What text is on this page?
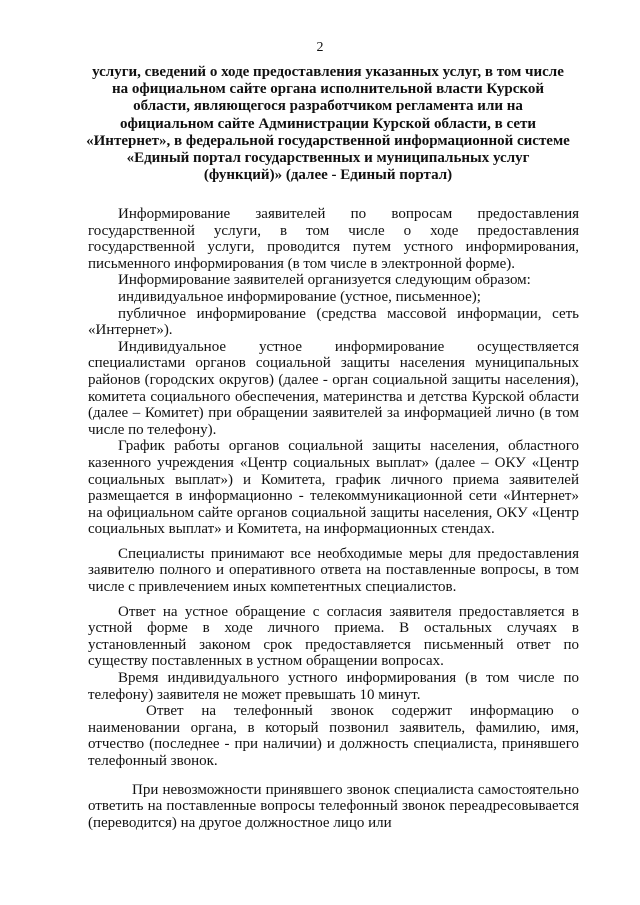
2
услуги, сведений о ходе предоставления указанных услуг, в том числе на официальном сайте органа исполнительной власти Курской области, являющегося разработчиком регламента или на официальном сайте Администрации Курской области, в сети «Интернет», в федеральной государственной информационной системе «Единый портал государственных и муниципальных услуг (функций)» (далее - Единый портал)

Информирование заявителей по вопросам предоставления государственной услуги, в том числе о ходе предоставления государственной услуги, проводится путем устного информирования, письменного информирования (в том числе в электронной форме).

Информирование заявителей организуется следующим образом:

индивидуальное информирование (устное, письменное);

публичное информирование (средства массовой информации, сеть «Интернет»).

Индивидуальное устное информирование осуществляется специалистами органов социальной защиты населения муниципальных районов (городских округов) (далее - орган социальной защиты населения), комитета социального обеспечения, материнства и детства Курской области (далее – Комитет) при обращении заявителей за информацией лично (в том числе по телефону).

График работы органов социальной защиты населения, областного казенного учреждения «Центр социальных выплат» (далее – ОКУ «Центр социальных выплат») и Комитета, график личного приема заявителей размещается в информационно - телекоммуникационной сети «Интернет» на официальном сайте органов социальной защиты населения, ОКУ «Центр социальных выплат» и Комитета, на информационных стендах.

Специалисты принимают все необходимые меры для предоставления заявителю полного и оперативного ответа на поставленные вопросы, в том числе с привлечением иных компетентных специалистов.

Ответ на устное обращение с согласия заявителя предоставляется в устной форме в ходе личного приема. В остальных случаях в установленный законом срок предоставляется письменный ответ по существу поставленных в устном обращении вопросах.

Время индивидуального устного информирования (в том числе по телефону) заявителя не может превышать 10 минут.

Ответ на телефонный звонок содержит информацию о наименовании органа, в который позвонил заявитель, фамилию, имя, отчество (последнее - при наличии) и должность специалиста, принявшего телефонный звонок.

При невозможности принявшего звонок специалиста самостоятельно ответить на поставленные вопросы телефонный звонок переадресовывается (переводится) на другое должностное лицо или
